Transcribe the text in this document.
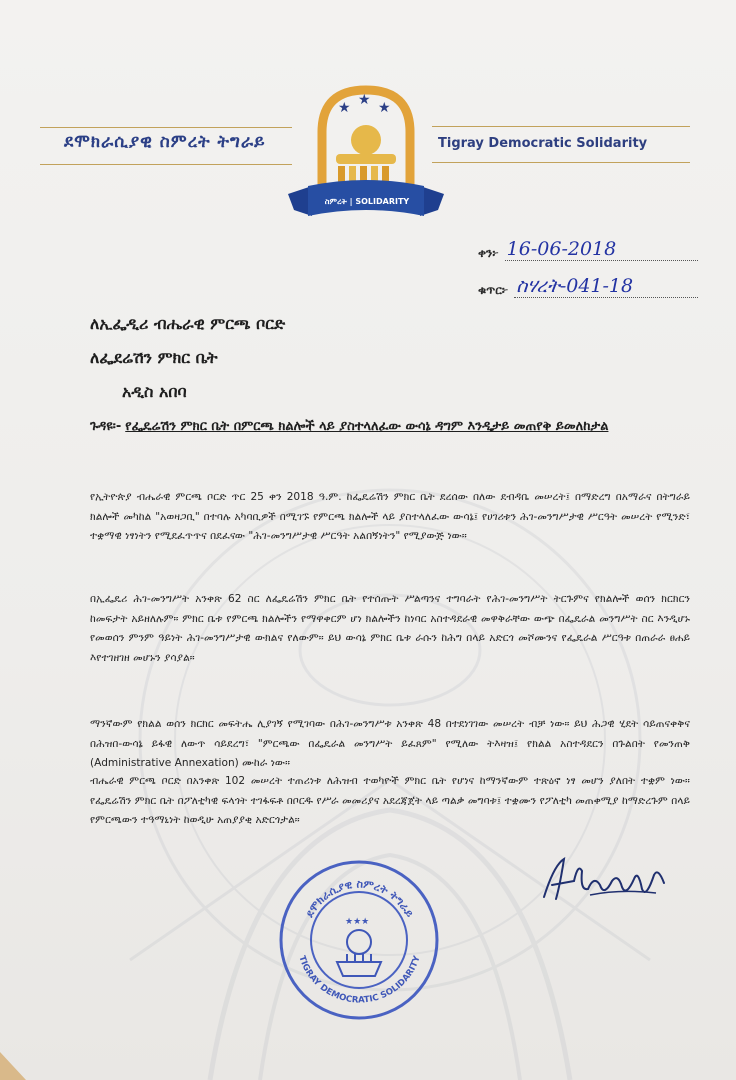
ደሞክራሲያዊ ስምረት ትግራይ	Tigray Democratic Solidarity
★ ★ ★
ስምረት | SOLIDARITY
ቀን፦ 16-06-2018
ቁጥር፦ ስሃረት-041-18
ለኢፌዲሪ ብሔራዊ ምርጫ ቦርድ
ለፌደሬሽን ምክር ቤት
አዲስ አበባ
ጉዳዩ፡- የፌዴሬሽን ምክር ቤት በምርጫ ክልሎች ላይ ያስተላለፈው ውሳኔ ዳግም እንዲታይ መጠየቅ ይመለከታል

የኢትዮጵያ ብሔራዊ ምርጫ ቦርድ ጥር 25 ቀን 2018 ዓ.ም. ከፌዴሬሽን ምክር ቤት ደረሰው በለው ደብዳቤ መሠረት፤ በማድረግ በአማራና በትግራይ ክልሎች መካከል "አወዛጋቢ" በተባሉ አካባቢዎች በሚገኙ የምርጫ ክልሎች ላይ ያስተላለፈው ውሳኔ፤ የሀገሪቱን ሕገ-መንግሥታዊ ሥርዓት መሠረት የሚንድ፣ ተቋማዊ ነፃነትን የሚደፈጥጥና በደፈናው "ሕገ-መንግሥታዊ ሥርዓት አልበኝነትን" የሚያውጅ ነው።

በኢፌዴሪ ሕገ-መንግሥት አንቀጽ 62 ስር ለፌዴሬሽን ምክር ቤት የተሰጡት ሥልጣንና ተግባራት የሕገ-መንግሥት ትርጉምና የክልሎች ወሰን ክርክርን ከመፍታት አይዘለሉም። ምክር ቤቱ የምርጫ ክልሎችን የማዋቀርም ሆነ ክልሎችን ከነባር አስተዳደራዊ መዋቅራቸው ውጭ በፌዴራል መንግሥት ስር እንዲሆኑ የመወሰን ምንም ዓይነት ሕገ-መንግሥታዊ ውክልና የለውም። ይህ ውሳኔ ምክር ቤቱ ራሱን ከሕግ በላይ አድርጎ መሾሙንና የፌዴራል ሥርዓቱ በጠራራ ፀሐይ እየተገዘገዘ መሆኑን ያሳያል።

ማንኛውም የክልል ወሰን ክርክር መፍትሔ ሊያገኝ የሚገባው በሕገ-መንግሥቱ አንቀጽ 48 በተደነገገው መሠረት ብቻ ነው። ይህ ሕጋዊ ሂደት ሳይጠናቀቅና በሕዝበ-ውሳኔ ይፋዊ ለውጥ ሳይደረግ፣ "ምርጫው በፌዴራል መንግሥት ይፈጸም" የሚለው ትእዛዝ፤ የክልል አስተዳደርን በጉልበት የመንጠቅ (Administrative Annexation) ሙከራ ነው።

ብሔራዊ ምርጫ ቦርድ በአንቀጽ 102 መሠረት ተጠሪነቱ ለሕዝብ ተወካዮች ምክር ቤት የሆነና ከማንኛውም ተጽዕኖ ነፃ መሆን ያለበት ተቋም ነው። የፌዴሬሽን ምክር ቤት በፖለቲካዊ ፍላጎት ተገፋፍቶ በቦርዱ የሥራ መመሪያና አደረጃጀት ላይ ጣልቃ መግባቱ፤ ተቋሙን የፖለቲካ መጠቀሚያ ከማድረጉም በላይ የምርጫውን ተዓማኒነት ከወዲሁ አጠያያቂ አድርጎታል።

ደሞክራሲያዊ ስምረት ትግራይ
TIGRAY DEMOCRATIC SOLIDARITY
★★★
